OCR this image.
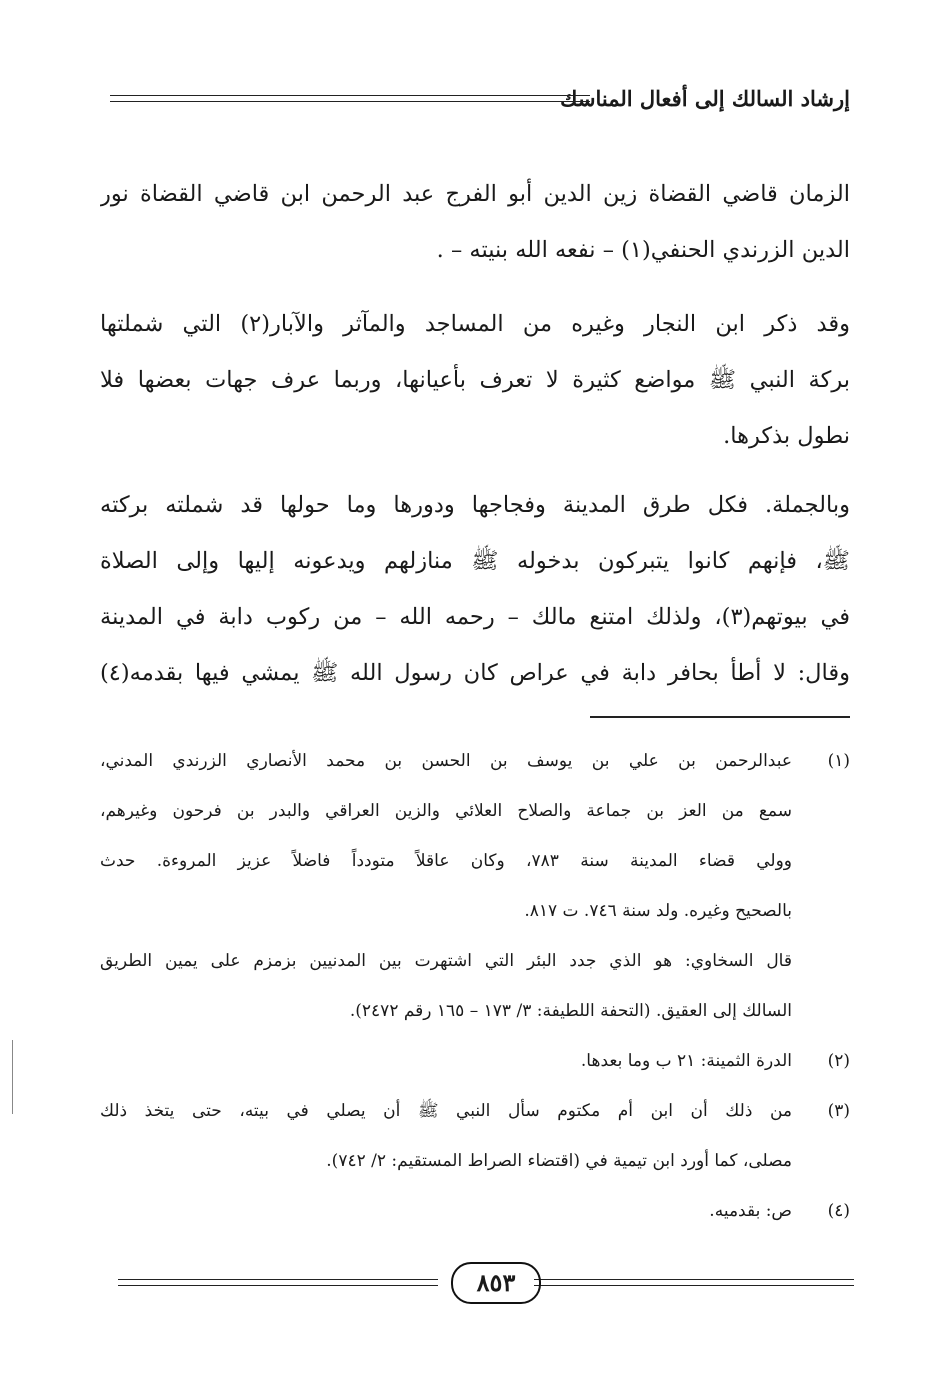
إرشاد السالك إلى أفعال المناسك
الزمان قاضي القضاة زين الدين أبو الفرج عبد الرحمن ابن قاضي القضاة نور
الدين الزرندي الحنفي(١) – نفعه الله بنيته – .
وقد ذكر ابن النجار وغيره من المساجد والمآثر والآبار(٢) التي شملتها
بركة النبي ﷺ مواضع كثيرة لا تعرف بأعيانها، وربما عرف جهات بعضها فلا
نطول بذكرها.
وبالجملة. فكل طرق المدينة وفجاجها ودورها وما حولها قد شملته بركته
ﷺ، فإنهم كانوا يتبركون بدخوله ﷺ منازلهم ويدعونه إليها وإلى الصلاة
في بيوتهم(٣)، ولذلك امتنع مالك – رحمه الله – من ركوب دابة في المدينة
وقال: لا أطأ بحافر دابة في عراص كان رسول الله ﷺ يمشي فيها بقدمه(٤)
(١)
عبدالرحمن بن علي بن يوسف بن الحسن بن محمد الأنصاري الزرندي المدني،
سمع من العز بن جماعة والصلاح العلائي والزين العراقي والبدر بن فرحون وغيرهم،
وولي قضاء المدينة سنة ٧٨٣، وكان عاقلاً متودداً فاضلاً عزيز المروءة. حدث
بالصحيح وغيره. ولد سنة ٧٤٦. ت ٨١٧.
قال السخاوي: هو الذي جدد البئر التي اشتهرت بين المدنيين بزمزم على يمين الطريق
السالك إلى العقيق. (التحفة اللطيفة: ٣/ ١٧٣ – ١٦٥ رقم ٢٤٧٢).
(٢)
الدرة الثمينة: ٢١ ب وما بعدها.
(٣)
من ذلك أن ابن أم مكتوم سأل النبي ﷺ أن يصلي في بيته، حتى يتخذ ذلك
مصلى، كما أورد ابن تيمية في (اقتضاء الصراط المستقيم: ٢/ ٧٤٢).
(٤)
ص: بقدميه.
٨٥٣
